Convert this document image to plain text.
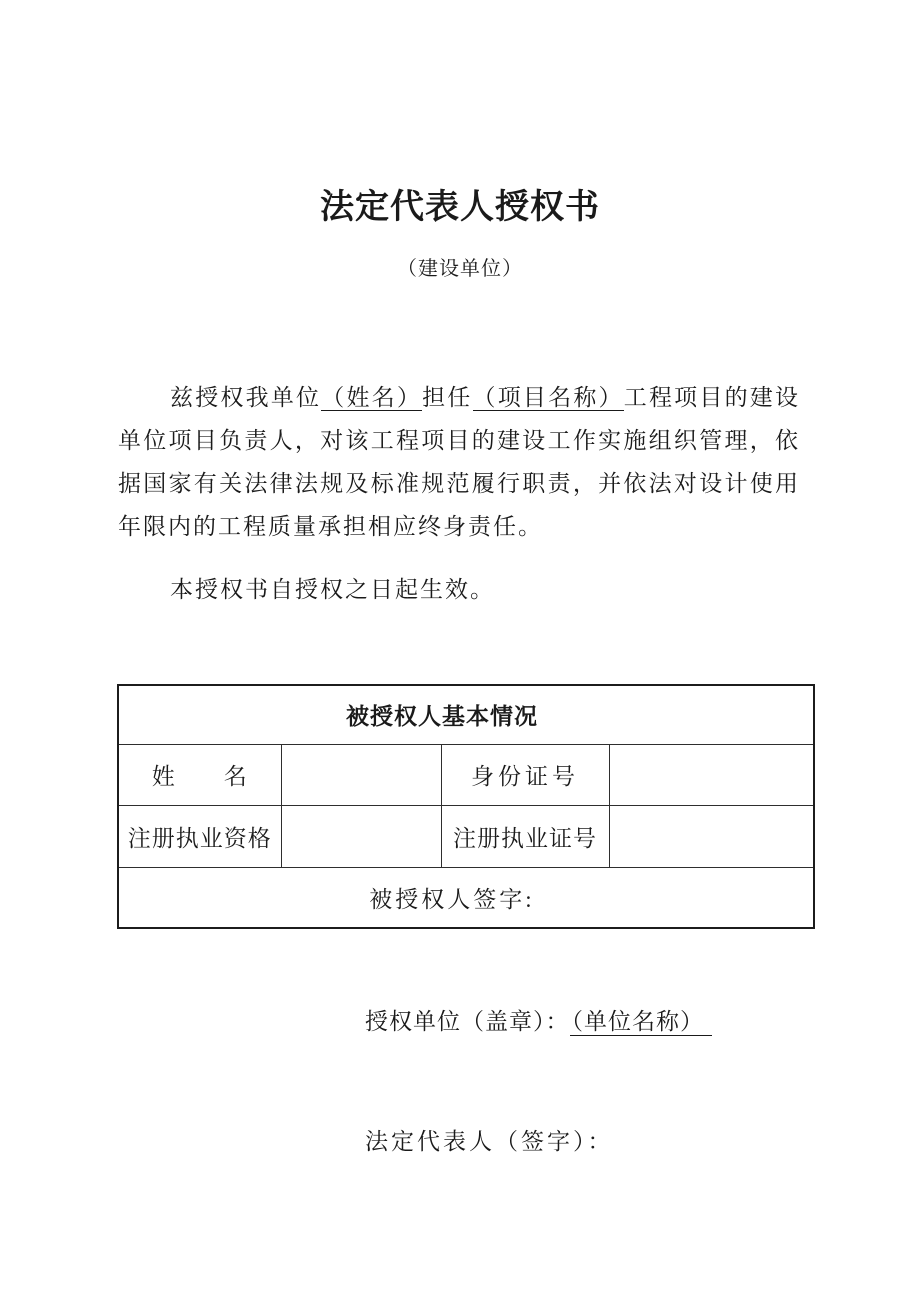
法定代表人授权书
（建设单位）

兹授权我单位（姓名）担任（项目名称）工程项目的建设单位项目负责人，对该工程项目的建设工作实施组织管理，依据国家有关法律法规及标准规范履行职责，并依法对设计使用年限内的工程质量承担相应终身责任。

本授权书自授权之日起生效。

被授权人基本情况			
姓　　名		身份证号	
注册执业资格		注册执业证号	
被授权人签字:			
授权单位（盖章）：（单位名称）
法定代表人（签字）：
